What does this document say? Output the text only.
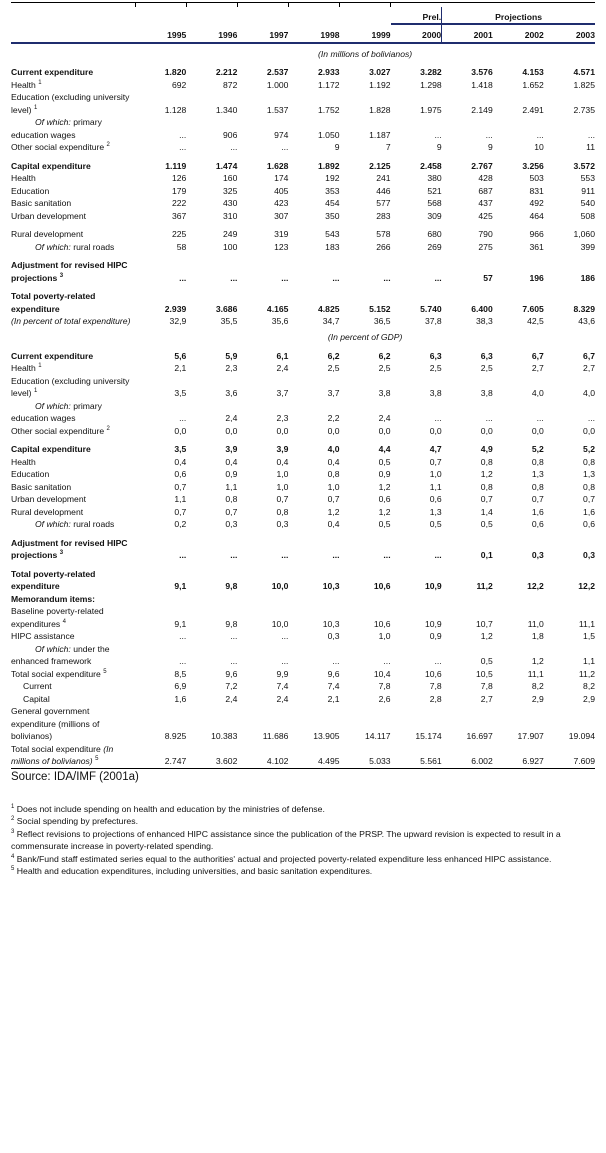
						Prel.	Projections		
	1995	1996	1997	1998	1999	2000	2001	2002	2003
	(In millions of bolivianos)								
Current expenditure	1.820	2.212	2.537	2.933	3.027	3.282	3.576	4.153	4.571
Health $^1$	692	872	1.000	1.172	1.192	1.298	1.418	1.652	1.825
Education (excluding university level) $^1$	1.128	1.340	1.537	1.752	1.828	1.975	2.149	2.491	2.735
Of which: primary education wages	...	906	974	1.050	1.187	...	...	...	...
Other social expenditure $^2$	...	...	...	9	7	9	9	10	11
Capital expenditure	1.119	1.474	1.628	1.892	2.125	2.458	2.767	3.256	3.572
Health	126	160	174	192	241	380	428	503	553
Education	179	325	405	353	446	521	687	831	911
Basic sanitation	222	430	423	454	577	568	437	492	540
Urban development	367	310	307	350	283	309	425	464	508
Rural development	225	249	319	543	578	680	790	966	1,060
Of which: rural roads	58	100	123	183	266	269	275	361	399
Adjustment for revised HIPC projections $^3$	...	...	...	...	...	...	57	196	186
Total poverty-related expenditure	2.939	3.686	4.165	4.825	5.152	5.740	6.400	7.605	8.329
(In percent of total expenditure)	32,9	35,5	35,6	34,7	36,5	37,8	38,3	42,5	43,6
	(In percent of GDP)								
Current expenditure	5,6	5,9	6,1	6,2	6,2	6,3	6,3	6,7	6,7
Health $^1$	2,1	2,3	2,4	2,5	2,5	2,5	2,5	2,7	2,7
Education (excluding university level) $^1$	3,5	3,6	3,7	3,7	3,8	3,8	3,8	4,0	4,0
Of which: primary education wages	...	2,4	2,3	2,2	2,4	...	...	...	...
Other social expenditure $^2$	0,0	0,0	0,0	0,0	0,0	0,0	0,0	0,0	0,0
Capital expenditure	3,5	3,9	3,9	4,0	4,4	4,7	4,9	5,2	5,2
Health	0,4	0,4	0,4	0,4	0,5	0,7	0,8	0,8	0,8
Education	0,6	0,9	1,0	0,8	0,9	1,0	1,2	1,3	1,3
Basic sanitation	0,7	1,1	1,0	1,0	1,2	1,1	0,8	0,8	0,8
Urban development	1,1	0,8	0,7	0,7	0,6	0,6	0,7	0,7	0,7
Rural development	0,7	0,7	0,8	1,2	1,2	1,3	1,4	1,6	1,6
Of which: rural roads	0,2	0,3	0,3	0,4	0,5	0,5	0,5	0,6	0,6
Adjustment for revised HIPC projections $^3$	...	...	...	...	...	...	0,1	0,3	0,3
Total poverty-related expenditure	9,1	9,8	10,0	10,3	10,6	10,9	11,2	12,2	12,2
Memorandum items:									
Baseline poverty-related expenditures $^4$	9,1	9,8	10,0	10,3	10,6	10,9	10,7	11,0	11,1
HIPC assistance	...	...	...	0,3	1,0	0,9	1,2	1,8	1,5
Of which: under the enhanced framework	...	...	...	...	...	...	0,5	1,2	1,1
Total social expenditure $^5$	8,5	9,6	9,9	9,6	10,4	10,6	10,5	11,1	11,2
Current	6,9	7,2	7,4	7,4	7,8	7,8	7,8	8,2	8,2
Capital	1,6	2,4	2,4	2,1	2,6	2,8	2,7	2,9	2,9
General government expenditure (millions of bolivianos)	8.925	10.383	11.686	13.905	14.117	15.174	16.697	17.907	19.094
Total social expenditure (In millions of bolivianos) $^5$	2.747	3.602	4.102	4.495	5.033	5.561	6.002	6.927	7.609
Source: IDA/IMF (2001a)
$^1$ Does not include spending on health and education by the ministries of defense.
$^2$ Social spending by prefectures.
$^3$ Reflect revisions to projections of enhanced HIPC assistance since the publication of the PRSP. The upward revision is expected to result in a commensurate increase in poverty-related spending.
$^4$ Bank/Fund staff estimated series equal to the authorities' actual and projected poverty-related expenditure less enhanced HIPC assistance.
$^5$ Health and education expenditures, including universities, and basic sanitation expenditures.
